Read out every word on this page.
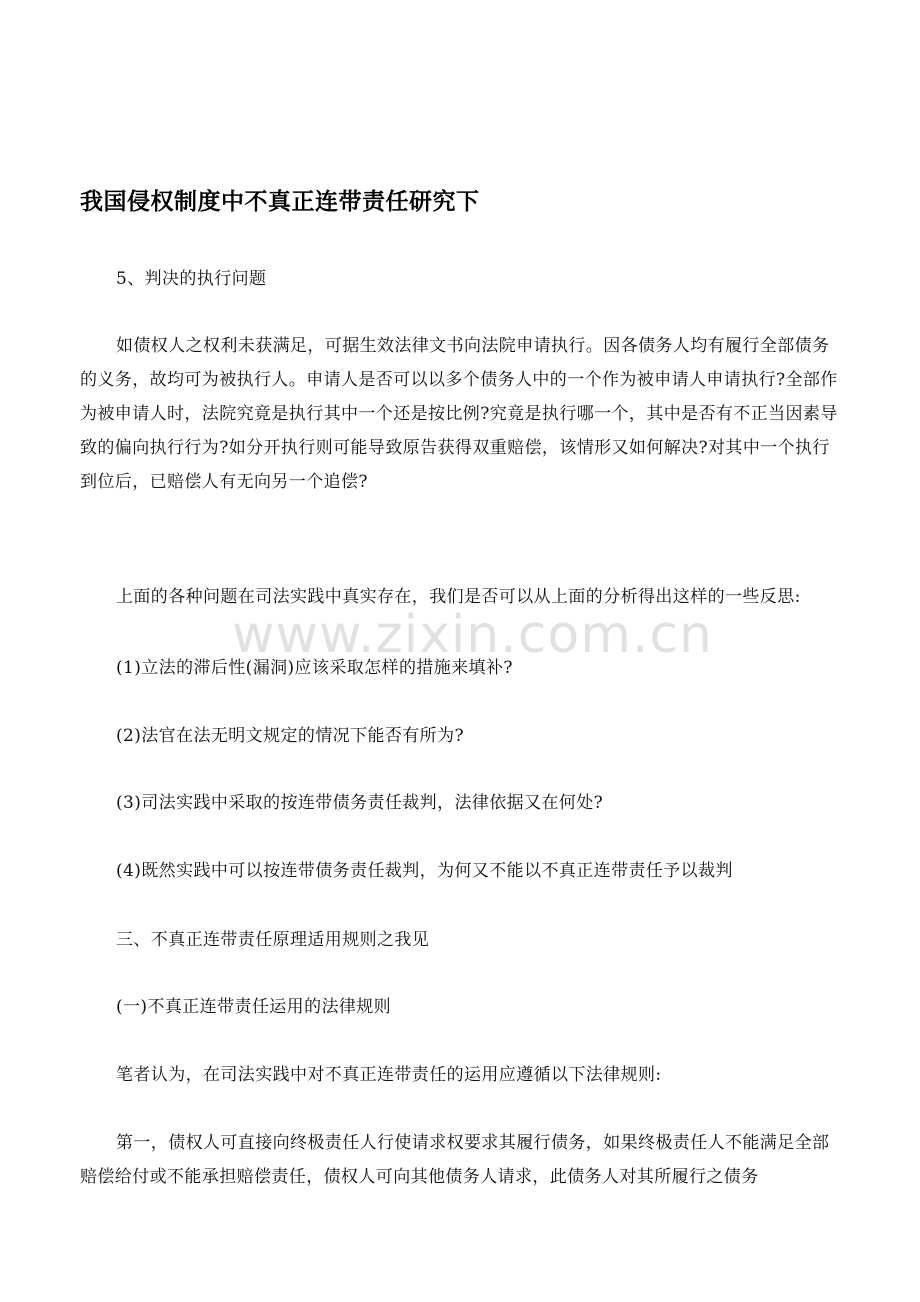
我国侵权制度中不真正连带责任研究下
5、判决的执行问题
如债权人之权利未获满足，可据生效法律文书向法院申请执行。因各债务人均有履行全部债务的义务，故均可为被执行人。申请人是否可以以多个债务人中的一个作为被申请人申请执行?全部作为被申请人时，法院究竟是执行其中一个还是按比例?究竟是执行哪一个，其中是否有不正当因素导致的偏向执行行为?如分开执行则可能导致原告获得双重赔偿，该情形又如何解决?对其中一个执行到位后，已赔偿人有无向另一个追偿?
上面的各种问题在司法实践中真实存在，我们是否可以从上面的分析得出这样的一些反思:
(1)立法的滞后性(漏洞)应该采取怎样的措施来填补?
(2)法官在法无明文规定的情况下能否有所为?
(3)司法实践中采取的按连带债务责任裁判，法律依据又在何处?
(4)既然实践中可以按连带债务责任裁判，为何又不能以不真正连带责任予以裁判
三、不真正连带责任原理适用规则之我见
(一)不真正连带责任运用的法律规则
笔者认为，在司法实践中对不真正连带责任的运用应遵循以下法律规则:
第一，债权人可直接向终极责任人行使请求权要求其履行债务，如果终极责任人不能满足全部赔偿给付或不能承担赔偿责任，债权人可向其他债务人请求，此债务人对其所履行之债务
www.zixin.com.cn
